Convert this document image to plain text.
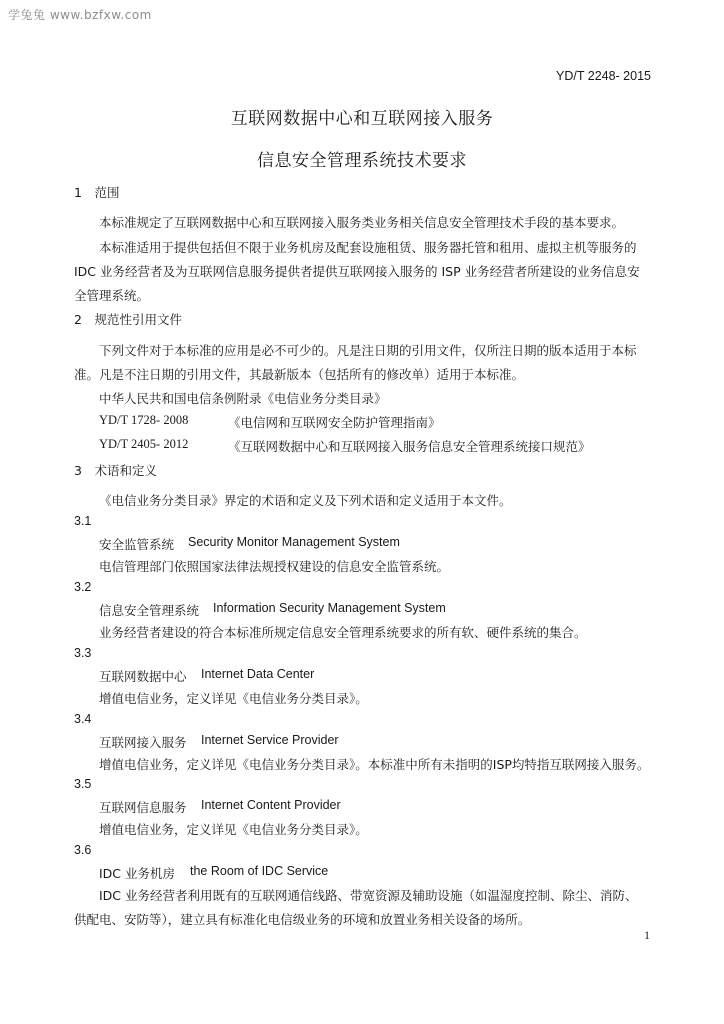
学兔兔 www.bzfxw.com
YD/T 2248- 2015
互联网数据中心和互联网接入服务
信息安全管理系统技术要求
1　范围
本标准规定了互联网数据中心和互联网接入服务类业务相关信息安全管理技术手段的基本要求。
本标准适用于提供包括但不限于业务机房及配套设施租赁、服务器托管和租用、虚拟主机等服务的
IDC 业务经营者及为互联网信息服务提供者提供互联网接入服务的 ISP 业务经营者所建设的业务信息安
全管理系统。
2　规范性引用文件
下列文件对于本标准的应用是必不可少的。凡是注日期的引用文件，仅所注日期的版本适用于本标
准。凡是不注日期的引用文件，其最新版本（包括所有的修改单）适用于本标准。
中华人民共和国电信条例附录《电信业务分类目录》
YD/T 1728- 2008	《电信网和互联网安全防护管理指南》
YD/T 2405- 2012	《互联网数据中心和互联网接入服务信息安全管理系统接口规范》
3　术语和定义
《电信业务分类目录》界定的术语和定义及下列术语和定义适用于本文件。
3.1
安全监管系统 Security Monitor Management System
电信管理部门依照国家法律法规授权建设的信息安全监管系统。
3.2
信息安全管理系统 Information Security Management System
业务经营者建设的符合本标准所规定信息安全管理系统要求的所有软、硬件系统的集合。
3.3
互联网数据中心 Internet Data Center
增值电信业务，定义详见《电信业务分类目录》。
3.4
互联网接入服务 Internet Service Provider
增值电信业务，定义详见《电信业务分类目录》。本标准中所有未指明的ISP均特指互联网接入服务。
3.5
互联网信息服务 Internet Content Provider
增值电信业务，定义详见《电信业务分类目录》。
3.6
IDC 业务机房 the Room of IDC Service
IDC 业务经营者利用既有的互联网通信线路、带宽资源及辅助设施（如温湿度控制、除尘、消防、
供配电、安防等），建立具有标准化电信级业务的环境和放置业务相关设备的场所。
1
